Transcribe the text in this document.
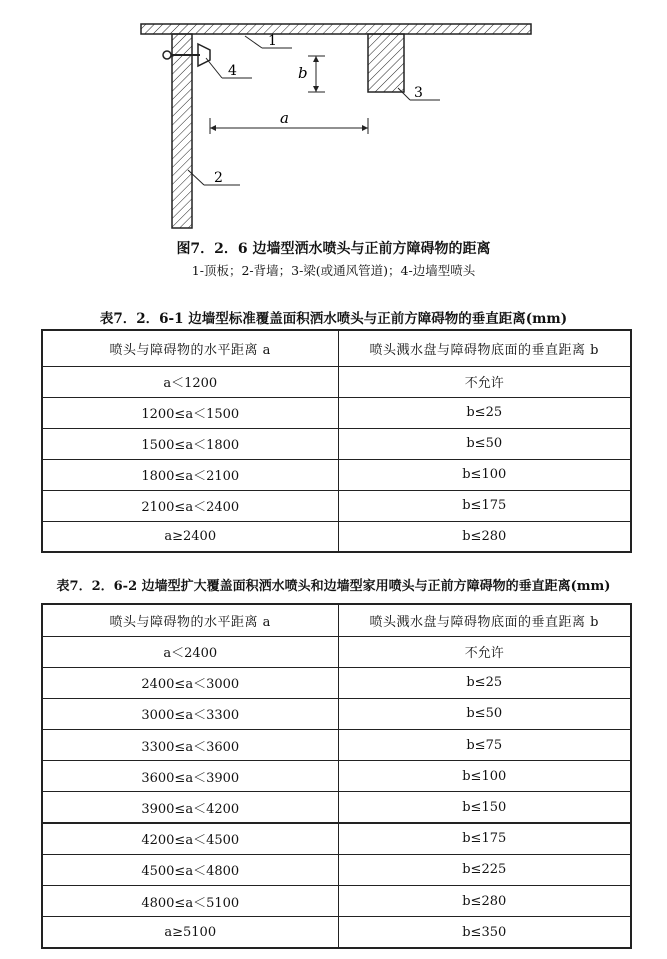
b
a
1
2
3
4
图7．2．6 边墙型洒水喷头与正前方障碍物的距离
1-顶板；2-背墙；3-梁(或通风管道)；4-边墙型喷头
表7．2．6-1 边墙型标准覆盖面积洒水喷头与正前方障碍物的垂直距离(mm)
喷头与障碍物的水平距离 a	喷头溅水盘与障碍物底面的垂直距离 b
a＜1200	不允许
1200≤a＜1500	b≤25
1500≤a＜1800	b≤50
1800≤a＜2100	b≤100
2100≤a＜2400	b≤175
a≥2400	b≤280
表7．2．6-2 边墙型扩大覆盖面积洒水喷头和边墙型家用喷头与正前方障碍物的垂直距离(mm)
喷头与障碍物的水平距离 a	喷头溅水盘与障碍物底面的垂直距离 b
a＜2400	不允许
2400≤a＜3000	b≤25
3000≤a＜3300	b≤50
3300≤a＜3600	b≤75
3600≤a＜3900	b≤100
3900≤a＜4200	b≤150
4200≤a＜4500	b≤175
4500≤a＜4800	b≤225
4800≤a＜5100	b≤280
a≥5100	b≤350
